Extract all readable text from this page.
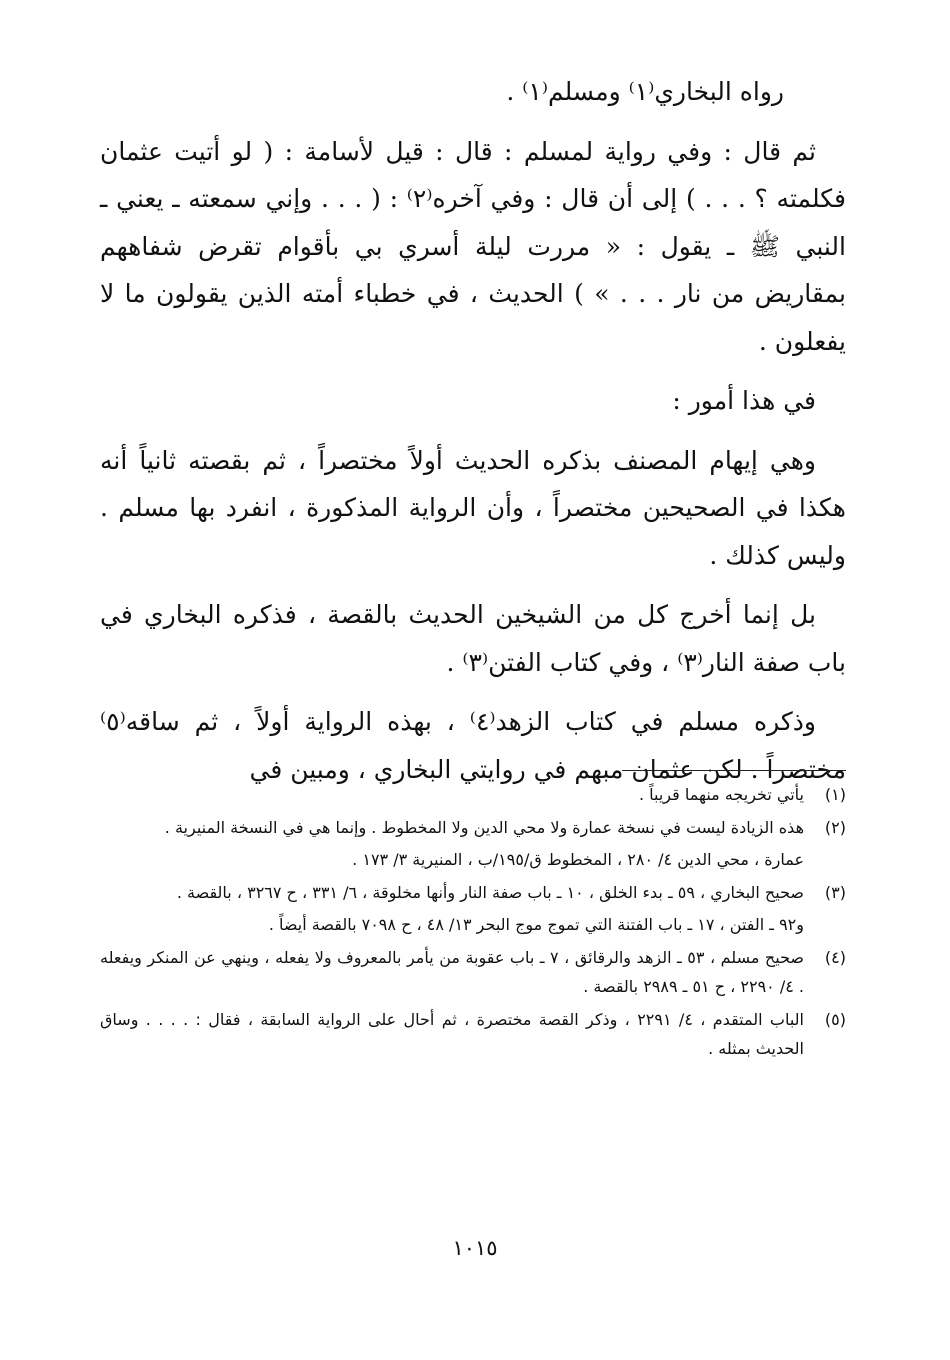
رواه البخاري⁽١⁾ ومسلم⁽١⁾ .

ثم قال : وفي رواية لمسلم : قال : قيل لأسامة : ( لو أتيت عثمان فكلمته ؟ . . . ) إلى أن قال : وفي آخره⁽٢⁾ : ( . . . وإني سمعته ـ يعني ـ النبي ﷺ ـ يقول : « مررت ليلة أسري بي بأقوام تقرض شفاههم بمقاريض من نار . . . » ) الحديث ، في خطباء أمته الذين يقولون ما لا يفعلون .

في هذا أمور :

وهي إيهام المصنف بذكره الحديث أولاً مختصراً ، ثم بقصته ثانياً أنه هكذا في الصحيحين مختصراً ، وأن الرواية المذكورة ، انفرد بها مسلم . وليس كذلك .

بل إنما أخرج كل من الشيخين الحديث بالقصة ، فذكره البخاري في باب صفة النار⁽٣⁾ ، وفي كتاب الفتن⁽٣⁾ .

وذكره مسلم في كتاب الزهد⁽٤⁾ ، بهذه الرواية أولاً ، ثم ساقه⁽٥⁾ مختصراً . لكن عثمان مبهم في روايتي البخاري ، ومبين في

(١)
يأتي تخريجه منهما قريباً .
(٢)
هذه الزيادة ليست في نسخة عمارة ولا محي الدين ولا المخطوط . وإنما هي في النسخة المنيرية .
عمارة ، محي الدين ٤/ ٢٨٠ ، المخطوط ق/١٩٥/ب ، المنيرية ٣/ ١٧٣ .
(٣)
صحيح البخاري ، ٥٩ ـ بدء الخلق ، ١٠ ـ باب صفة النار وأنها مخلوقة ، ٦/ ٣٣١ ، ح ٣٢٦٧ ، بالقصة .
و٩٢ ـ الفتن ، ١٧ ـ باب الفتنة التي تموج موج البحر ١٣/ ٤٨ ، ح ٧٠٩٨ بالقصة أيضاً .
(٤)
صحيح مسلم ، ٥٣ ـ الزهد والرقائق ، ٧ ـ باب عقوبة من يأمر بالمعروف ولا يفعله ، وينهي عن المنكر ويفعله . ٤/ ٢٢٩٠ ، ح ٥١ ـ ٢٩٨٩ بالقصة .
(٥)
الباب المتقدم ، ٤/ ٢٢٩١ ، وذكر القصة مختصرة ، ثم أحال على الرواية السابقة ، فقال : . . . . وساق الحديث بمثله .
١٠١٥
